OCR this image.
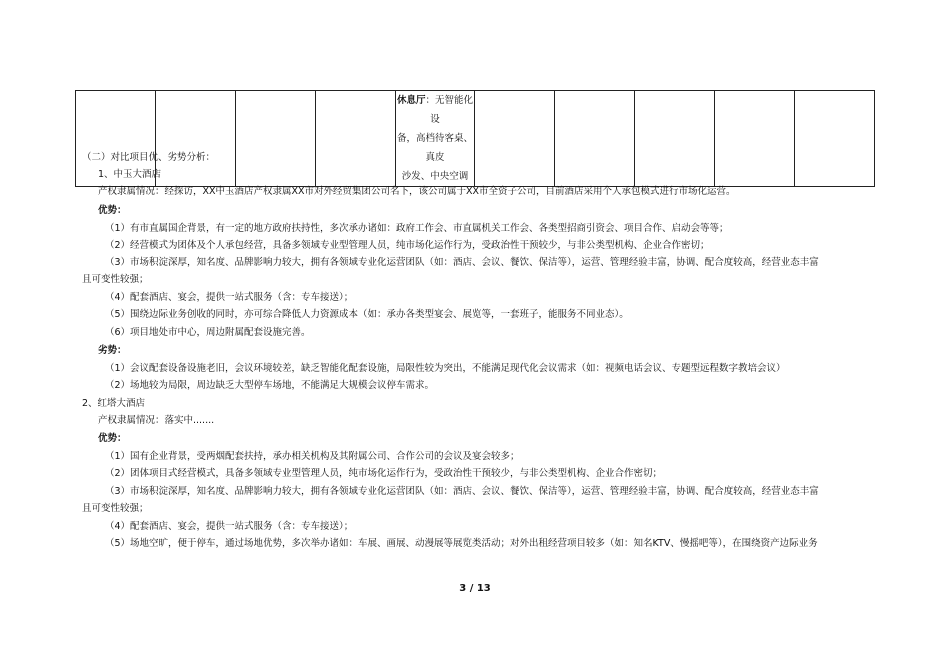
休息厅：无智能化设
备，高档待客桌、真皮
沙发、中央空调

（二）对比项目优、劣势分析：
1、中玉大酒店
产权隶属情况：经探访，XX中玉酒店产权隶属XX市对外经贸集团公司名下，该公司属于XX市全资子公司，目前酒店采用个人承包模式进行市场化运营。
优势：
（1）有市直属国企背景，有一定的地方政府扶持性，多次承办诸如：政府工作会、市直属机关工作会、各类型招商引资会、项目合作、启动会等等；
（2）经营模式为团体及个人承包经营，具备多领域专业型管理人员，纯市场化运作行为，受政治性干预较少，与非公类型机构、企业合作密切；
（3）市场积淀深厚，知名度、品牌影响力较大，拥有各领域专业化运营团队（如：酒店、会议、餐饮、保洁等），运营、管理经验丰富，协调、配合度较高，经营业态丰富
且可变性较强；
（4）配套酒店、宴会，提供一站式服务（含：专车接送）；
（5）围绕边际业务创收的同时，亦可综合降低人力资源成本（如：承办各类型宴会、展览等，一套班子，能服务不同业态）。
（6）项目地处市中心，周边附属配套设施完善。
劣势：
（1）会议配套设备设施老旧，会议环境较差，缺乏智能化配套设施，局限性较为突出，不能满足现代化会议需求（如：视频电话会议、专题型远程数字教培会议）
（2）场地较为局限，周边缺乏大型停车场地，不能满足大规模会议停车需求。
2、红塔大酒店
产权隶属情况：落实中.......
优势：
（1）国有企业背景，受两烟配套扶持，承办相关机构及其附属公司、合作公司的会议及宴会较多；
（2）团体项目式经营模式，具备多领域专业型管理人员，纯市场化运作行为，受政治性干预较少，与非公类型机构、企业合作密切；
（3）市场积淀深厚，知名度、品牌影响力较大，拥有各领域专业化运营团队（如：酒店、会议、餐饮、保洁等），运营、管理经验丰富，协调、配合度较高，经营业态丰富
且可变性较强；
（4）配套酒店、宴会，提供一站式服务（含：专车接送）；
（5）场地空旷，便于停车，通过场地优势，多次举办诸如：车展、画展、动漫展等展览类活动；对外出租经营项目较多（如：知名KTV、慢摇吧等），在围绕资产边际业务
3 / 13
